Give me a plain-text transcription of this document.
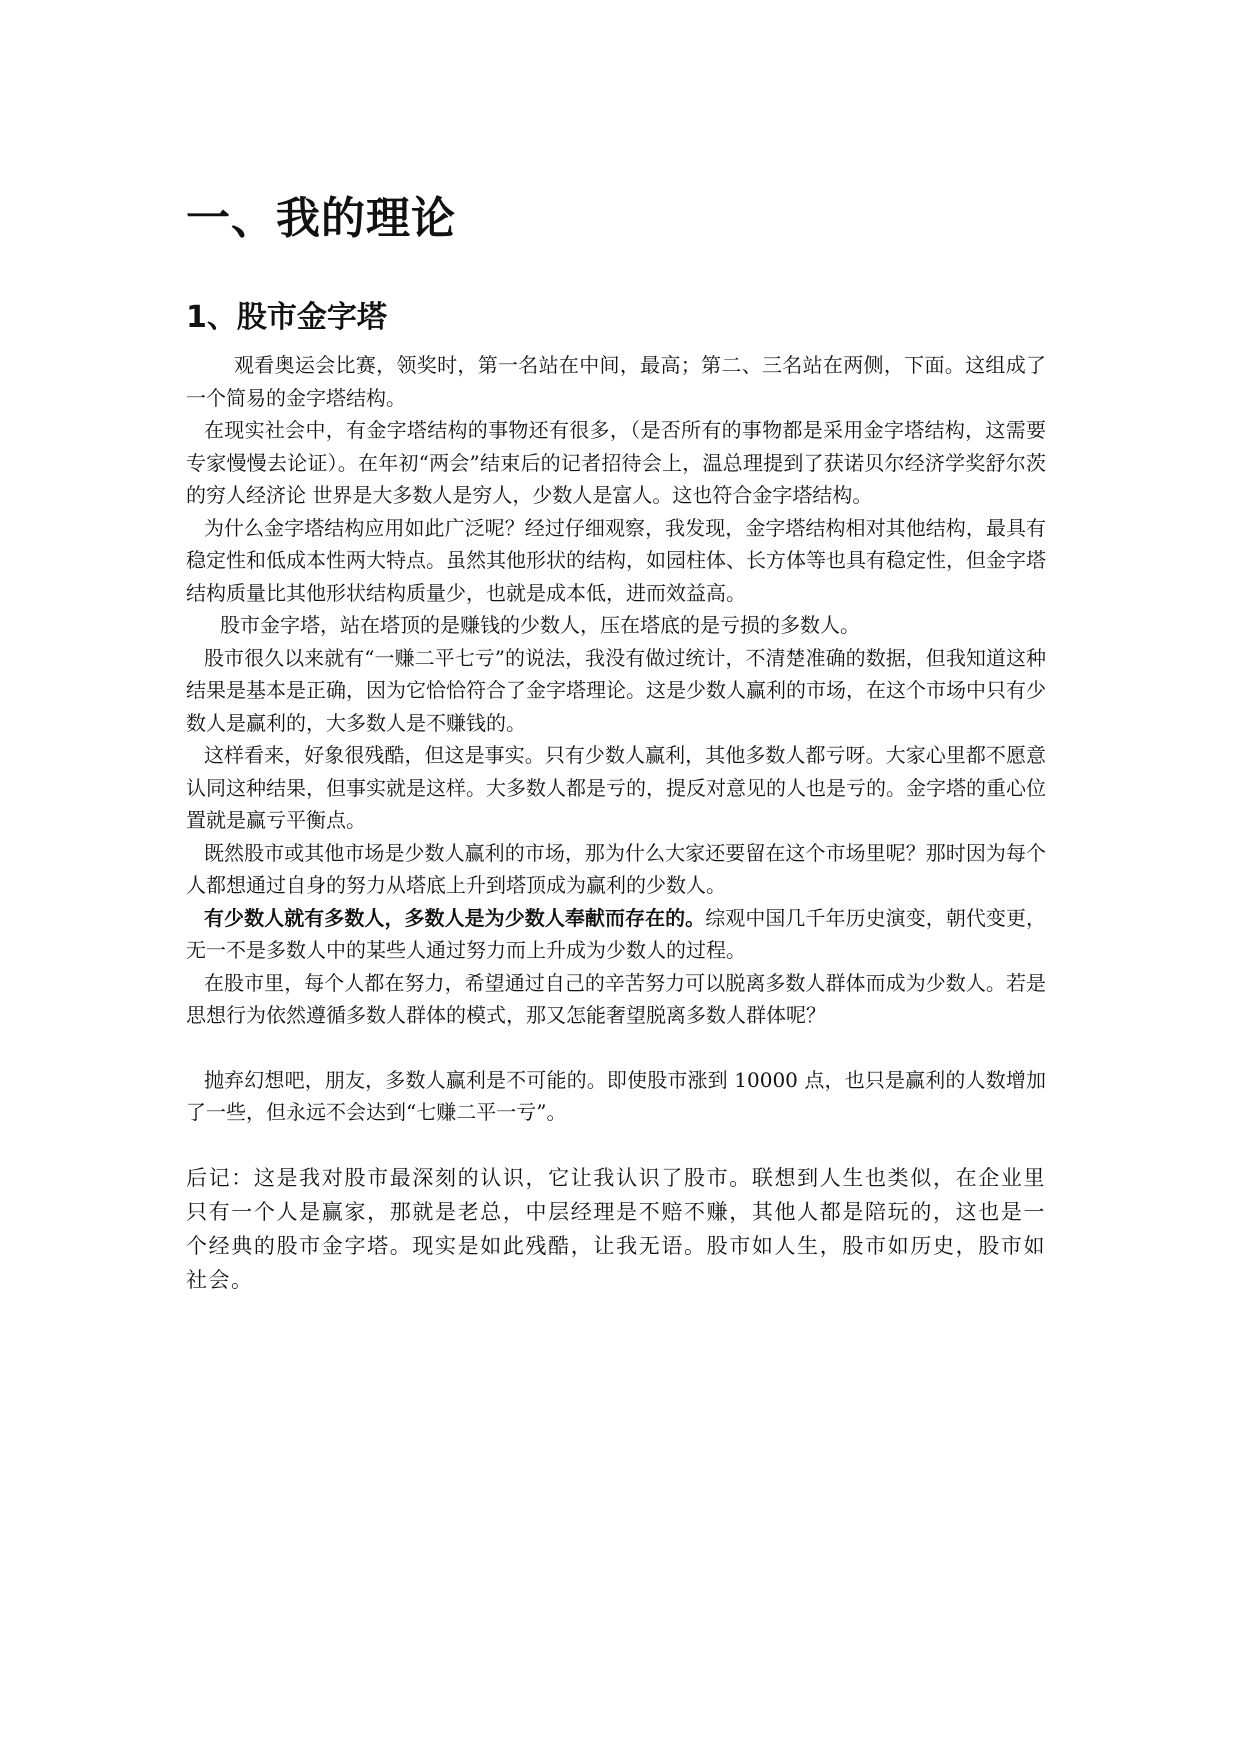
一、我的理论
1、股市金字塔

观看奥运会比赛，领奖时，第一名站在中间，最高；第二、三名站在两侧，下面。这组成了一个简易的金字塔结构。

在现实社会中，有金字塔结构的事物还有很多，（是否所有的事物都是采用金字塔结构，这需要专家慢慢去论证）。在年初“两会”结束后的记者招待会上，温总理提到了获诺贝尔经济学奖舒尔茨的穷人经济论 世界是大多数人是穷人，少数人是富人。这也符合金字塔结构。

为什么金字塔结构应用如此广泛呢？经过仔细观察，我发现，金字塔结构相对其他结构，最具有稳定性和低成本性两大特点。虽然其他形状的结构，如园柱体、长方体等也具有稳定性，但金字塔结构质量比其他形状结构质量少，也就是成本低，进而效益高。

股市金字塔，站在塔顶的是赚钱的少数人，压在塔底的是亏损的多数人。

股市很久以来就有“一赚二平七亏”的说法，我没有做过统计，不清楚准确的数据，但我知道这种结果是基本是正确，因为它恰恰符合了金字塔理论。这是少数人赢利的市场，在这个市场中只有少数人是赢利的，大多数人是不赚钱的。

这样看来，好象很残酷，但这是事实。只有少数人赢利，其他多数人都亏呀。大家心里都不愿意认同这种结果，但事实就是这样。大多数人都是亏的，提反对意见的人也是亏的。金字塔的重心位置就是赢亏平衡点。

既然股市或其他市场是少数人赢利的市场，那为什么大家还要留在这个市场里呢？那时因为每个人都想通过自身的努力从塔底上升到塔顶成为赢利的少数人。

有少数人就有多数人，多数人是为少数人奉献而存在的。综观中国几千年历史演变，朝代变更，无一不是多数人中的某些人通过努力而上升成为少数人的过程。

在股市里，每个人都在努力，希望通过自己的辛苦努力可以脱离多数人群体而成为少数人。若是思想行为依然遵循多数人群体的模式，那又怎能奢望脱离多数人群体呢？

抛弃幻想吧，朋友，多数人赢利是不可能的。即使股市涨到 10000 点，也只是赢利的人数增加了一些，但永远不会达到“七赚二平一亏”。

后记：这是我对股市最深刻的认识，它让我认识了股市。联想到人生也类似，在企业里只有一个人是赢家，那就是老总，中层经理是不赔不赚，其他人都是陪玩的，这也是一个经典的股市金字塔。现实是如此残酷，让我无语。股市如人生，股市如历史，股市如社会。
